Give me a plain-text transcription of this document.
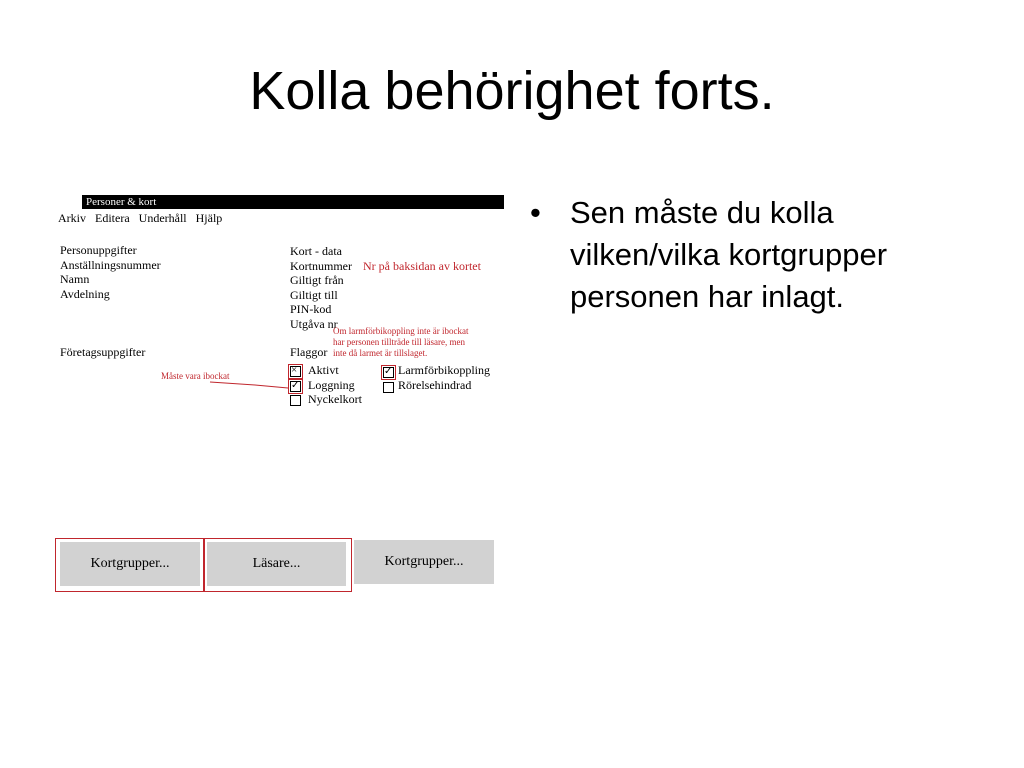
Kolla behörighet forts.
Personer & kort
Arkiv Editera Underhåll Hjälp
Personuppgifter
Anställningsnummer
Namn
Avdelning
Företagsuppgifter
Kort - data
Kortnummer Nr på baksidan av kortet
Giltigt från
Giltigt till
PIN-kod
Utgåva nr
Om larmförbikoppling inte är ibockat
har personen tillträde till läsare, men
inte då larmet är tillslaget.
Flaggor
Måste vara ibockat
×	Aktivt
✓
Loggning
Nyckelkort
✓
Larmförbikoppling
Rörelsehindrad
Kortgrupper...	Läsare...	Kortgrupper...
• Sen måste du kolla vilken/vilka kortgrupper personen har inlagt.
